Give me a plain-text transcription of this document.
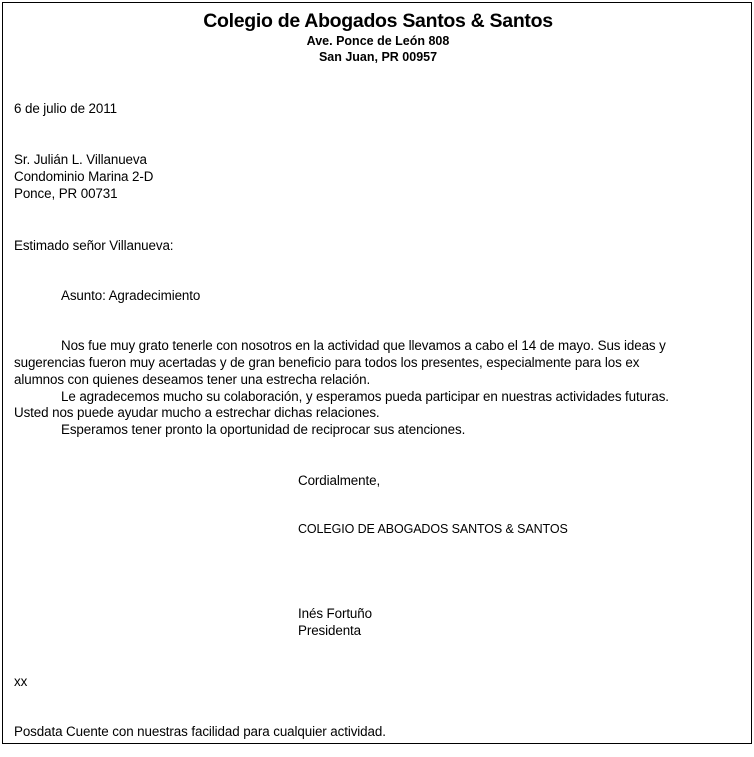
Colegio de Abogados Santos & Santos
Ave. Ponce de León 808
San Juan, PR 00957
6 de julio de 2011
Sr. Julián L. Villanueva
Condominio Marina 2-D
Ponce, PR 00731
Estimado señor Villanueva:
Asunto: Agradecimiento
Nos fue muy grato tenerle con nosotros en la actividad que llevamos a cabo el 14 de mayo. Sus ideas y
sugerencias fueron muy acertadas y de gran beneficio para todos los presentes, especialmente para los ex
alumnos con quienes deseamos tener una estrecha relación.
Le agradecemos mucho su colaboración, y esperamos pueda participar en nuestras actividades futuras.
Usted nos puede ayudar mucho a estrechar dichas relaciones.
Esperamos tener pronto la oportunidad de reciprocar sus atenciones.
Cordialmente,
COLEGIO DE ABOGADOS SANTOS & SANTOS
Inés Fortuño
Presidenta
xx
Posdata Cuente con nuestras facilidad para cualquier actividad.
